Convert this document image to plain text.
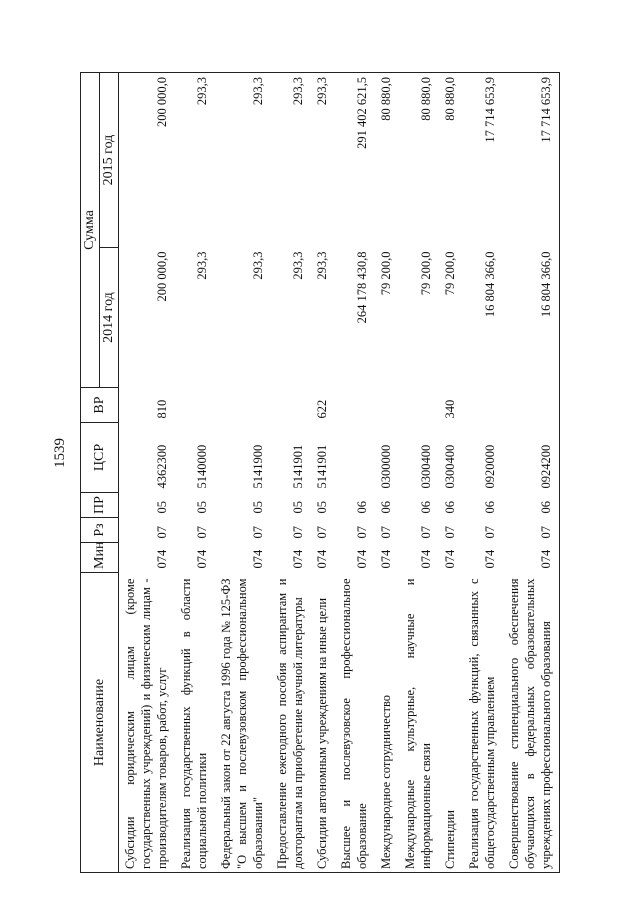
1539
Наименование	Мин	Рз	ПР	ЦСР	ВР	Сумма	
						2014 год	2015 год
Субсидии юридическим лицам (кроме государственных учреждений) и физическим лицам - производителям товаров, работ, услуг	074	07	05	4362300	810	200 000,0	200 000,0
Реализация государственных функций в области социальной политики	074	07	05	5140000		293,3	293,3
Федеральный закон от 22 августа 1996 года № 125-ФЗ "О высшем и послевузовском профессиональном образовании"	074	07	05	5141900		293,3	293,3
Предоставление ежегодного пособия аспирантам и докторантам на приобретение научной литературы	074	07	05	5141901		293,3	293,3
Субсидии автономным учреждениям на иные цели	074	07	05	5141901	622	293,3	293,3
Высшее и послевузовское профессиональное образование	074	07	06			264 178 430,8	291 402 621,5
Международное сотрудничество	074	07	06	0300000		79 200,0	80 880,0
Международные культурные, научные и информационные связи	074	07	06	0300400		79 200,0	80 880,0
Стипендии	074	07	06	0300400	340	79 200,0	80 880,0
Реализация государственных функций, связанных с общегосударственным управлением	074	07	06	0920000		16 804 366,0	17 714 653,9
Совершенствование стипендиального обеспечения обучающихся в федеральных образовательных учреждениях профессионального образования	074	07	06	0924200		16 804 366,0	17 714 653,9
